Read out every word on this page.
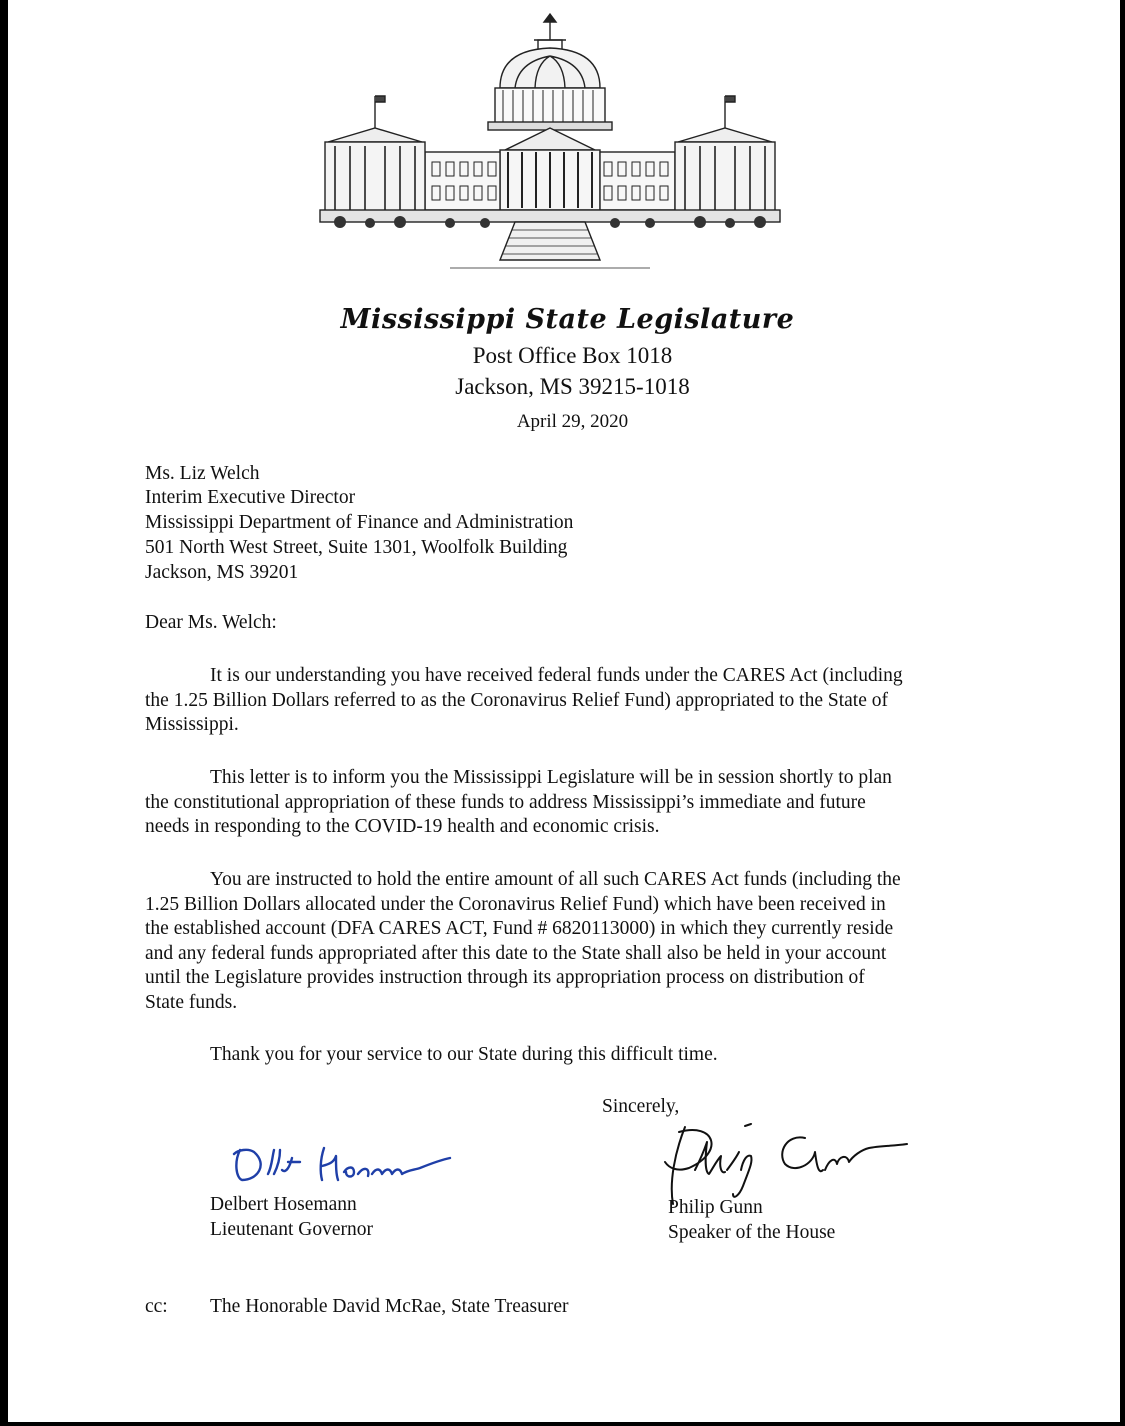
Mississippi State Legislature
Post Office Box 1018
Jackson, MS 39215-1018
April 29, 2020
Ms. Liz Welch
Interim Executive Director
Mississippi Department of Finance and Administration
501 North West Street, Suite 1301, Woolfolk Building
Jackson, MS 39201
Dear Ms. Welch:
It is our understanding you have received federal funds under the CARES Act (including
the 1.25 Billion Dollars referred to as the Coronavirus Relief Fund) appropriated to the State of
Mississippi.
This letter is to inform you the Mississippi Legislature will be in session shortly to plan
the constitutional appropriation of these funds to address Mississippi’s immediate and future
needs in responding to the COVID-19 health and economic crisis.
You are instructed to hold the entire amount of all such CARES Act funds (including the
1.25 Billion Dollars allocated under the Coronavirus Relief Fund) which have been received in
the established account (DFA CARES ACT, Fund # 6820113000) in which they currently reside
and any federal funds appropriated after this date to the State shall also be held in your account
until the Legislature provides instruction through its appropriation process on distribution of
State funds.
Thank you for your service to our State during this difficult time.
Sincerely,
Delbert Hosemann
Lieutenant Governor
Philip Gunn
Speaker of the House
cc: The Honorable David McRae, State Treasurer
